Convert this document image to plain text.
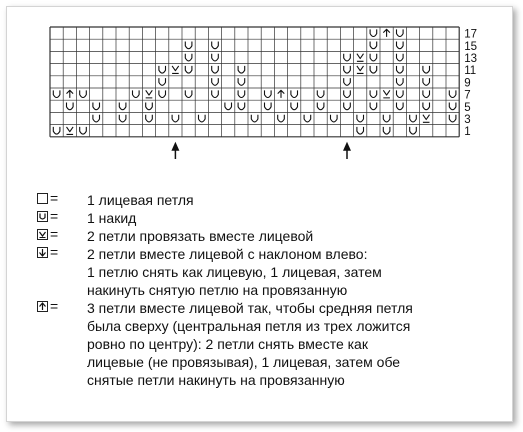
17
15
13
11
9
7
5
3
1
= 1 лицевая петля
= 1 накид
= 2 петли провязать вместе лицевой
= 2 петли вместе лицевой с наклоном влево:
1 петлю снять как лицевую, 1 лицевая, затем
накинуть снятую петлю на провязанную
= 3 петли вместе лицевой так, чтобы средняя петля
была сверху (центральная петля из трех ложится
ровно по центру): 2 петли снять вместе как
лицевые (не провязывая), 1 лицевая, затем обе
снятые петли накинуть на провязанную
